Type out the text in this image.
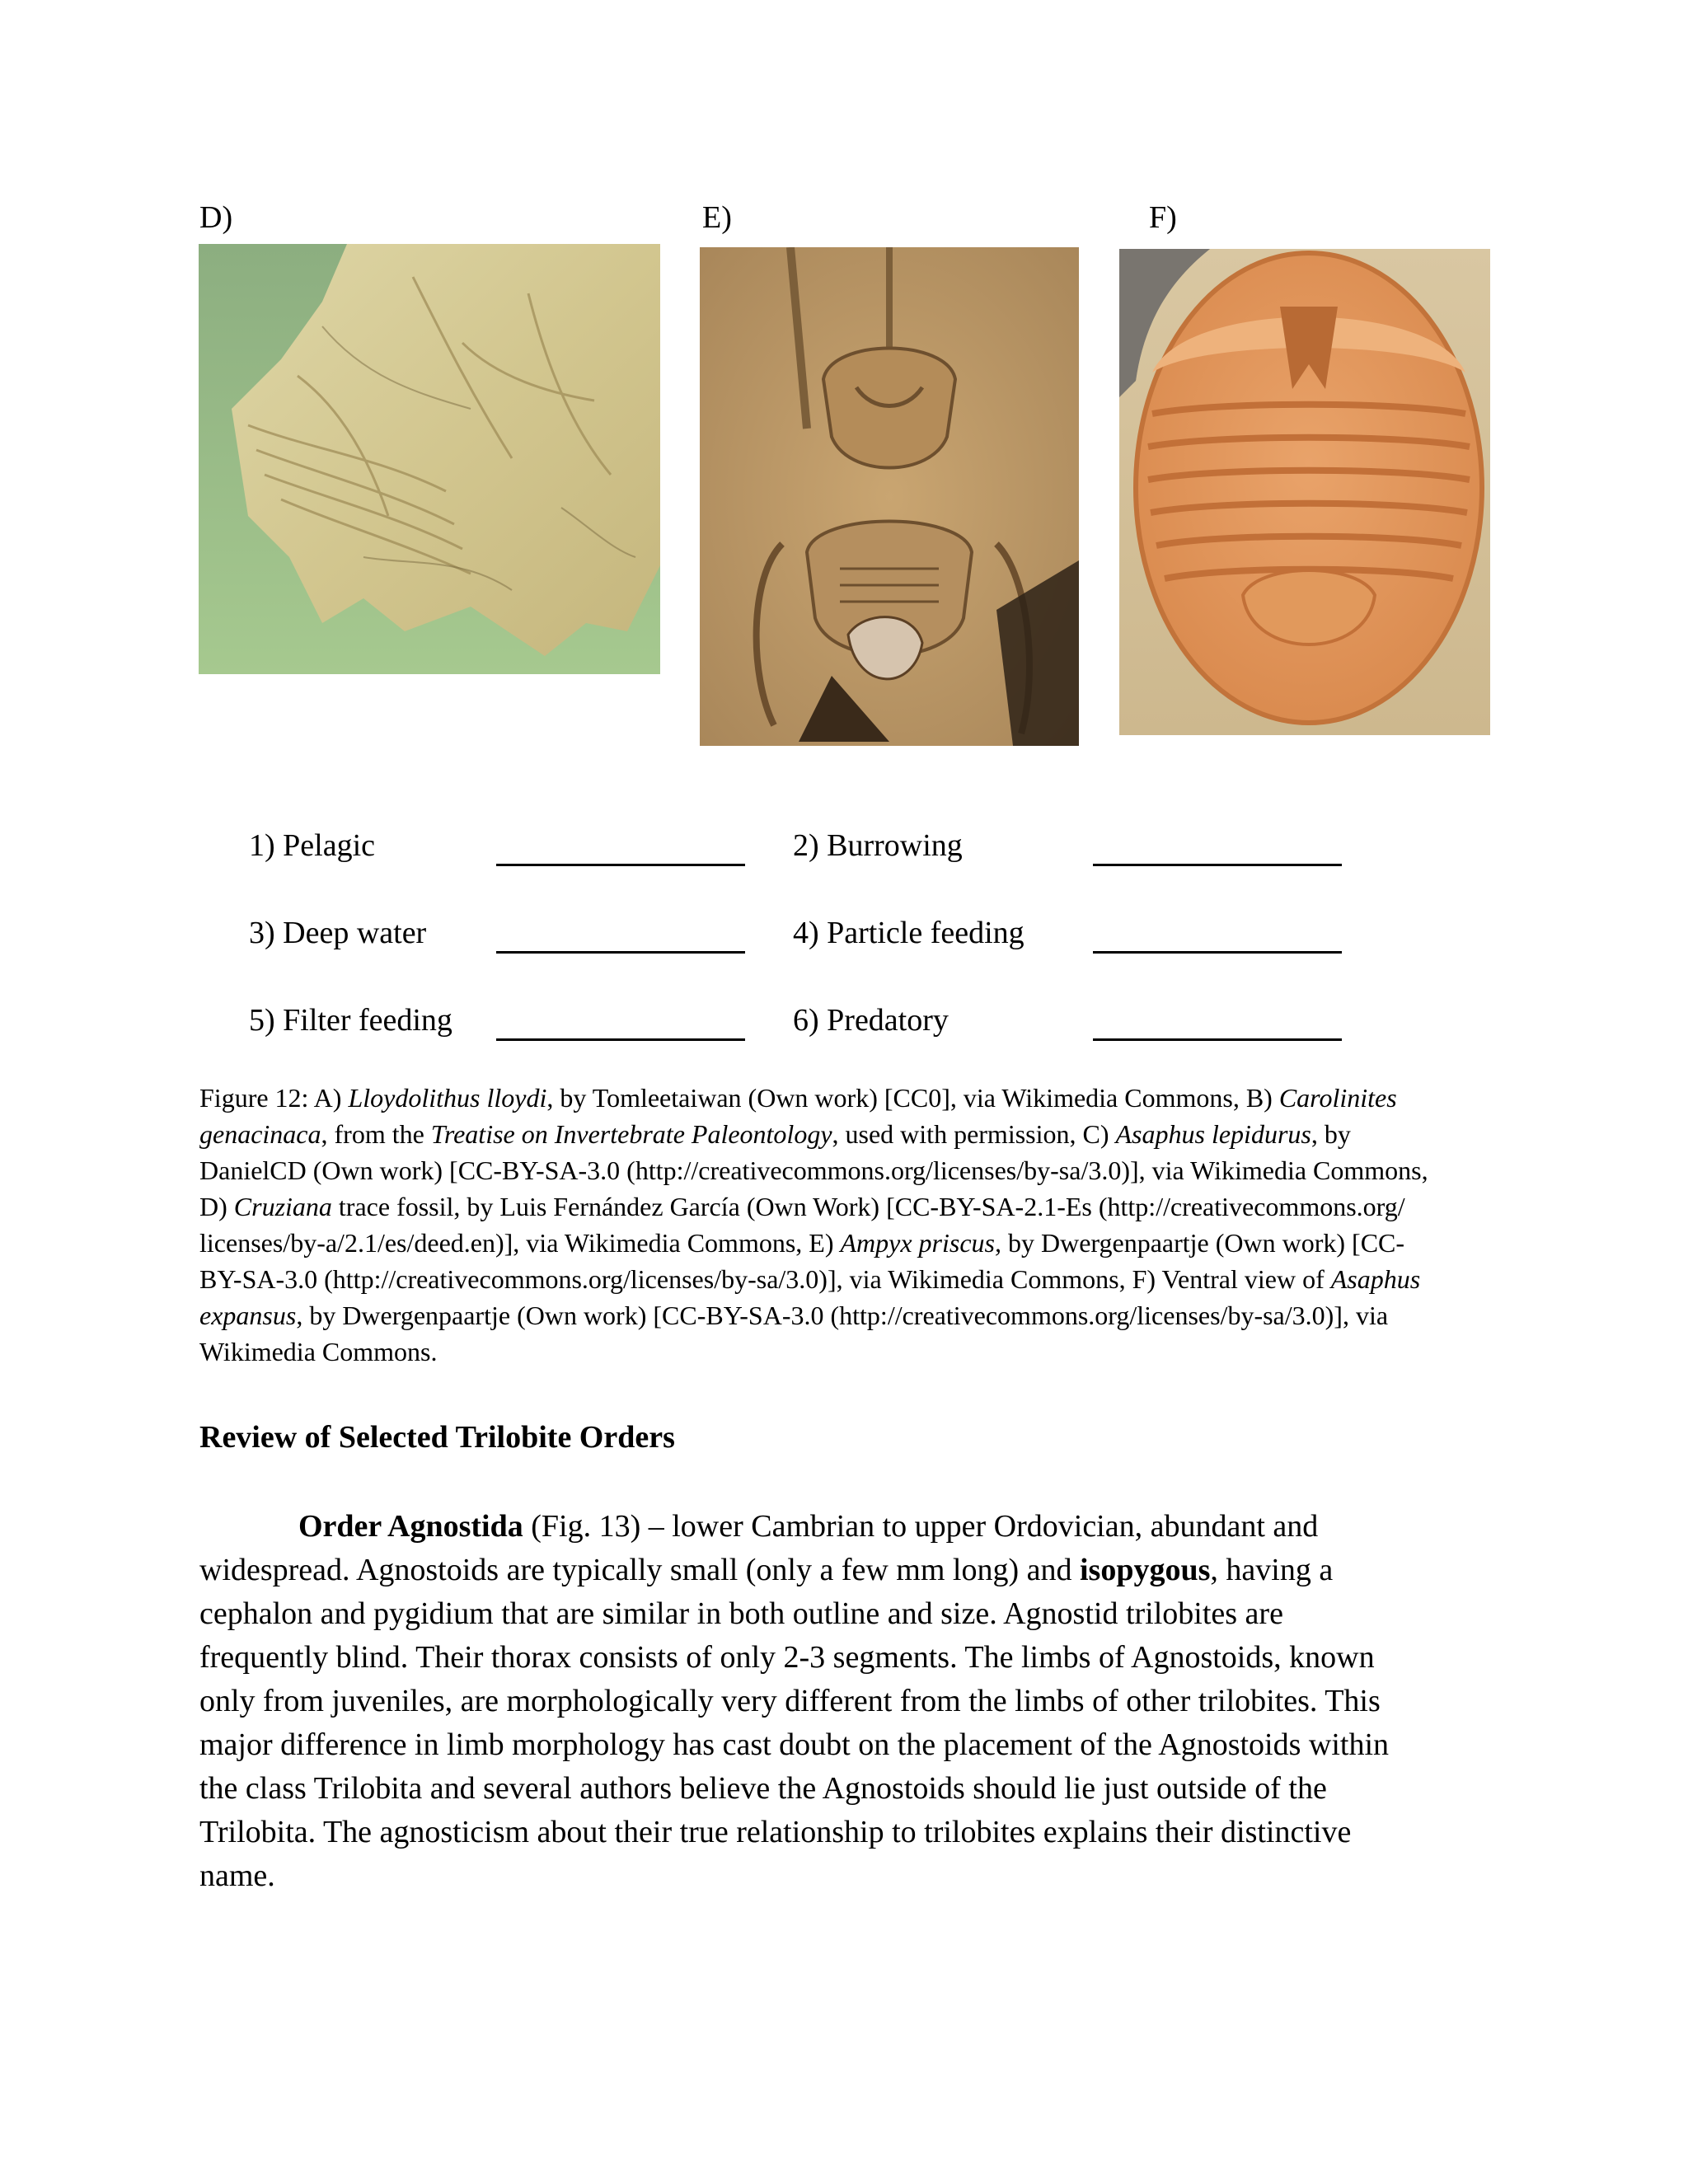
D)	E)	F)
1) Pelagic	2) Burrowing
3) Deep water	4) Particle feeding
5) Filter feeding	6) Predatory
Figure 12: A) Lloydolithus lloydi, by Tomleetaiwan (Own work) [CC0], via Wikimedia Commons, B) Carolinites
genacinaca, from the Treatise on Invertebrate Paleontology, used with permission, C) Asaphus lepidurus, by
DanielCD (Own work) [CC-BY-SA-3.0 (http://creativecommons.org/licenses/by-sa/3.0)], via Wikimedia Commons,
D) Cruziana trace fossil, by Luis Fernández García (Own Work) [CC-BY-SA-2.1-Es (http://creativecommons.org/
licenses/by-a/2.1/es/deed.en)], via Wikimedia Commons, E) Ampyx priscus, by Dwergenpaartje (Own work) [CC-
BY-SA-3.0 (http://creativecommons.org/licenses/by-sa/3.0)], via Wikimedia Commons, F) Ventral view of Asaphus
expansus, by Dwergenpaartje (Own work) [CC-BY-SA-3.0 (http://creativecommons.org/licenses/by-sa/3.0)], via
Wikimedia Commons.
Review of Selected Trilobite Orders
Order Agnostida (Fig. 13) – lower Cambrian to upper Ordovician, abundant and
widespread. Agnostoids are typically small (only a few mm long) and isopygous, having a
cephalon and pygidium that are similar in both outline and size. Agnostid trilobites are
frequently blind. Their thorax consists of only 2-3 segments. The limbs of Agnostoids, known
only from juveniles, are morphologically very different from the limbs of other trilobites. This
major difference in limb morphology has cast doubt on the placement of the Agnostoids within
the class Trilobita and several authors believe the Agnostoids should lie just outside of the
Trilobita. The agnosticism about their true relationship to trilobites explains their distinctive
name.
